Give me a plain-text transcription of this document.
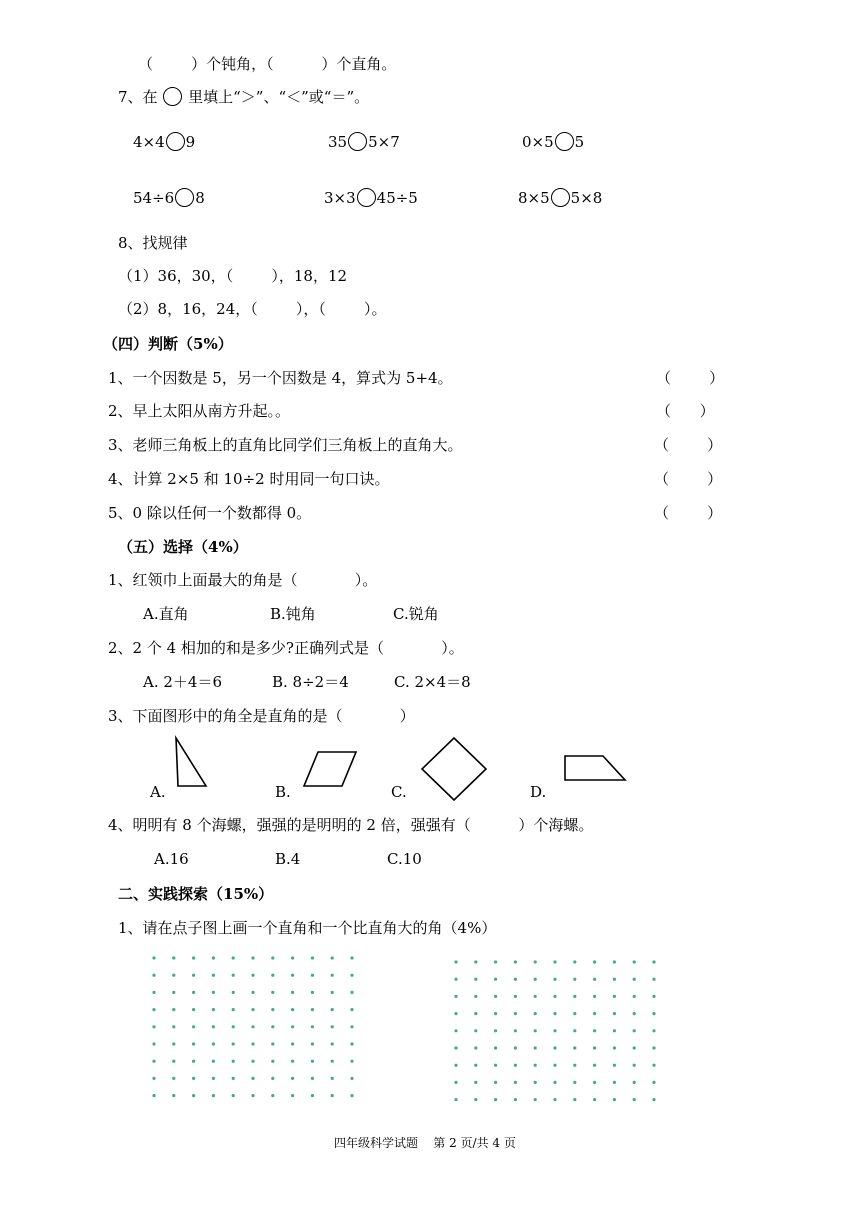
（        ）个钝角，（          ）个直角。
7、在 里填上“＞”、“＜”或“＝”。
4×4 9	35 5×7	0×5 5
54÷6 8	3×3 45÷5	8×5 5×8
8、找规律
（1）36，30，（        ），18，12
（2）8，16，24，（        ），（        ）。
（四）判断（5%）
1、一个因数是 5，另一个因数是 4，算式为 5+4。	（        ）
2、早上太阳从南方升起。。	（      ）
3、老师三角板上的直角比同学们三角板上的直角大。	（        ）
4、计算 2×5 和 10÷2 时用同一句口诀。	（        ）
5、0 除以任何一个数都得 0。	（        ）
（五）选择（4%）
1、红领巾上面最大的角是（            ）。
A.直角	B.钝角	C.锐角
2、2 个 4 相加的和是多少?正确列式是（            ）。
A. 2＋4＝6	B. 8÷2＝4	C. 2×4＝8
3、下面图形中的角全是直角的是（            ）
A.	B.	C.	D.
4、明明有 8 个海螺，强强的是明明的 2 倍，强强有（          ）个海螺。
A.16	B.4	C.10
二、实践探索（15%）
1、请在点子图上画一个直角和一个比直角大的角（4%）
四年级科学试题    第 2 页/共 4 页
